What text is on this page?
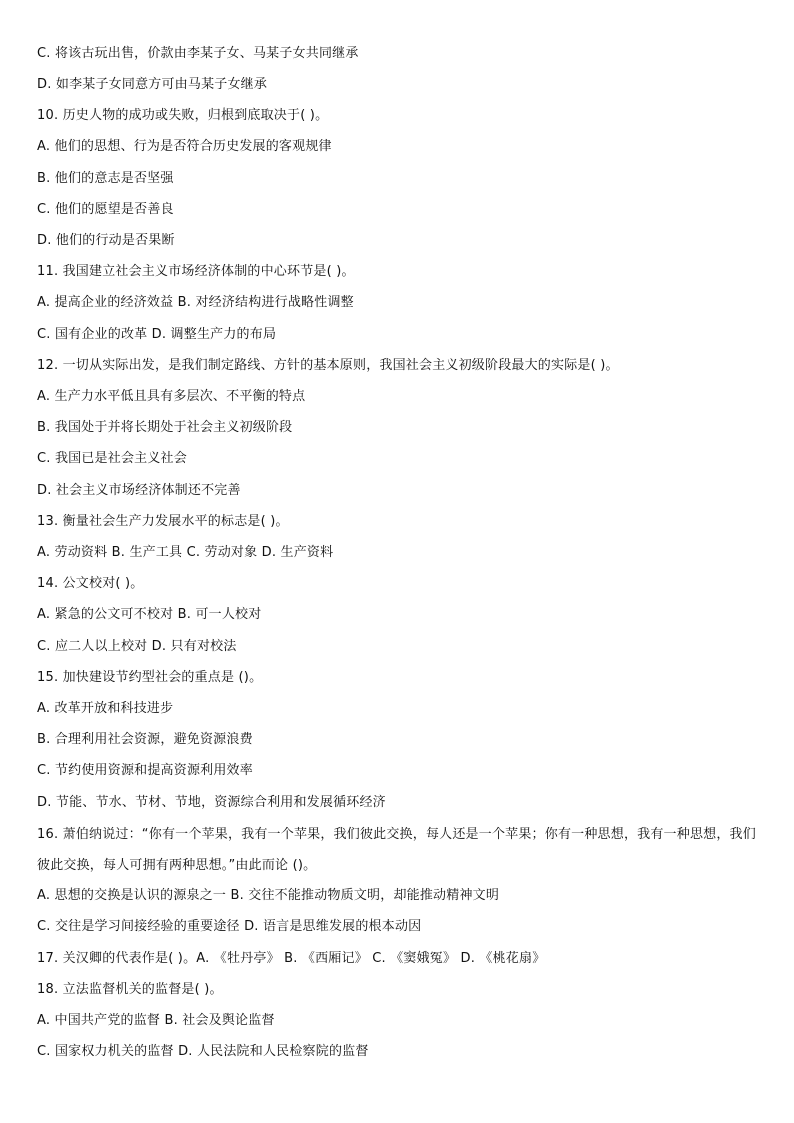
C. 将该古玩出售，价款由李某子女、马某子女共同继承
D. 如李某子女同意方可由马某子女继承
10. 历史人物的成功或失败，归根到底取决于( )。
A. 他们的思想、行为是否符合历史发展的客观规律
B. 他们的意志是否坚强
C. 他们的愿望是否善良
D. 他们的行动是否果断
11. 我国建立社会主义市场经济体制的中心环节是( )。
A. 提高企业的经济效益 B. 对经济结构进行战略性调整
C. 国有企业的改革 D. 调整生产力的布局
12. 一切从实际出发，是我们制定路线、方针的基本原则，我国社会主义初级阶段最大的实际是( )。
A. 生产力水平低且具有多层次、不平衡的特点
B. 我国处于并将长期处于社会主义初级阶段
C. 我国已是社会主义社会
D. 社会主义市场经济体制还不完善
13. 衡量社会生产力发展水平的标志是( )。
A. 劳动资料 B. 生产工具 C. 劳动对象 D. 生产资料
14. 公文校对( )。
A. 紧急的公文可不校对 B. 可一人校对
C. 应二人以上校对 D. 只有对校法
15. 加快建设节约型社会的重点是 ()。
A. 改革开放和科技进步
B. 合理利用社会资源，避免资源浪费
C. 节约使用资源和提高资源利用效率
D. 节能、节水、节材、节地，资源综合利用和发展循环经济
16. 萧伯纳说过：“你有一个苹果，我有一个苹果，我们彼此交换，每人还是一个苹果；你有一种思想，我有一种思想，我们彼此交换，每人可拥有两种思想。”由此而论 ()。
A. 思想的交换是认识的源泉之一 B. 交往不能推动物质文明，却能推动精神文明
C. 交往是学习间接经验的重要途径 D. 语言是思维发展的根本动因
17. 关汉卿的代表作是( )。A. 《牡丹亭》 B. 《西厢记》 C. 《窦娥冤》 D. 《桃花扇》
18. 立法监督机关的监督是( )。
A. 中国共产党的监督 B. 社会及舆论监督
C. 国家权力机关的监督 D. 人民法院和人民检察院的监督
